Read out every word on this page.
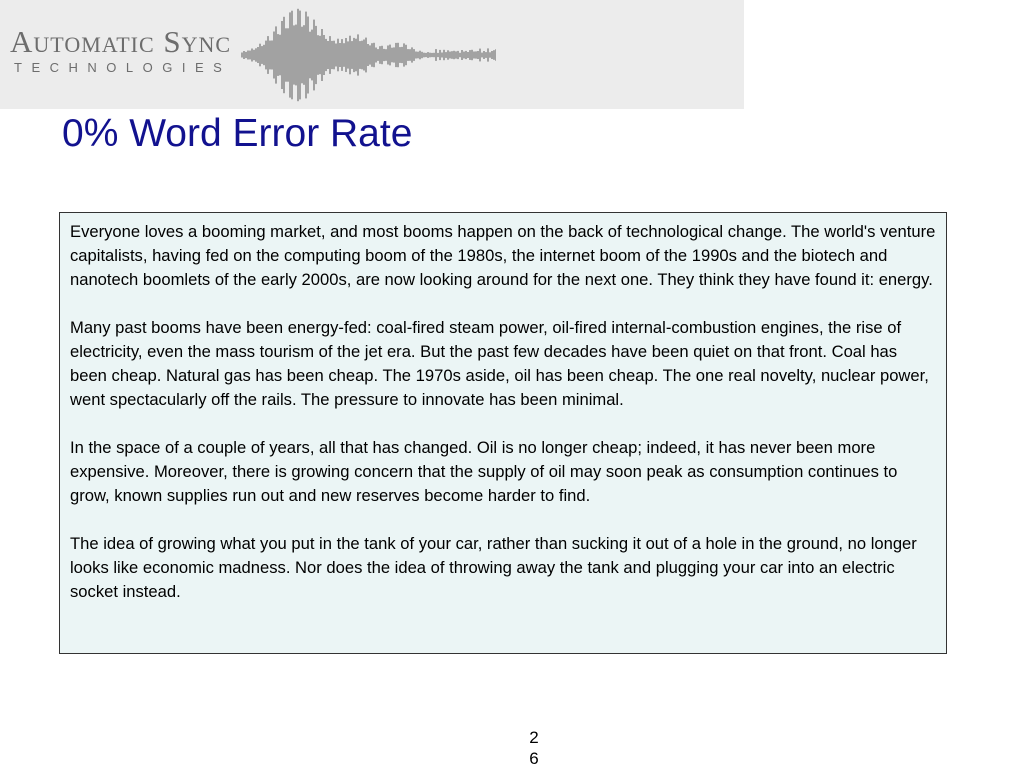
Automatic Sync
TECHNOLOGIES
0% Word Error Rate

Everyone loves a booming market, and most booms happen on the back of technological change. The world's venture capitalists, having fed on the computing boom of the 1980s, the internet boom of the 1990s and the biotech and nanotech boomlets of the early 2000s, are now looking around for the next one. They think they have found it: energy.

Many past booms have been energy-fed: coal-fired steam power, oil-fired internal-combustion engines, the rise of electricity, even the mass tourism of the jet era. But the past few decades have been quiet on that front. Coal has been cheap. Natural gas has been cheap. The 1970s aside, oil has been cheap. The one real novelty, nuclear power, went spectacularly off the rails. The pressure to innovate has been minimal.

In the space of a couple of years, all that has changed. Oil is no longer cheap; indeed, it has never been more expensive. Moreover, there is growing concern that the supply of oil may soon peak as consumption continues to grow, known supplies run out and new reserves become harder to find.

The idea of growing what you put in the tank of your car, rather than sucking it out of a hole in the ground, no longer looks like economic madness. Nor does the idea of throwing away the tank and plugging your car into an electric socket instead.

26
